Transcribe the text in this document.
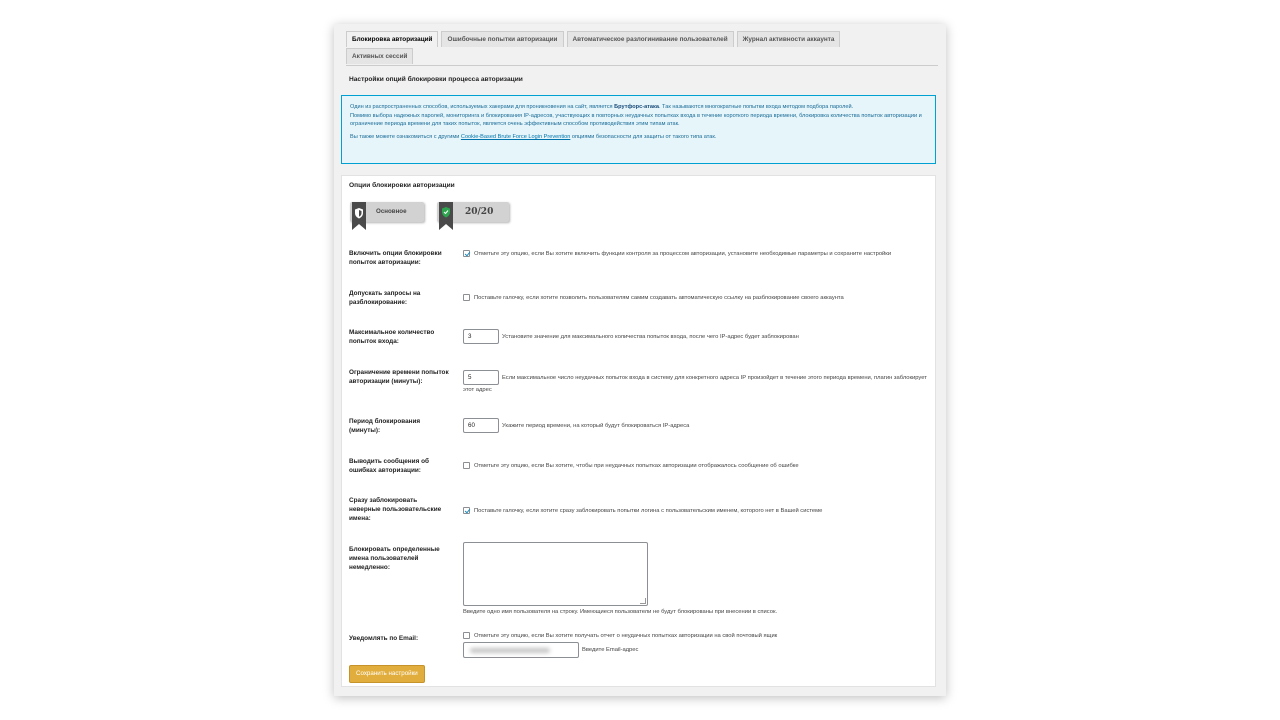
Блокировка авторизаций	Ошибочные попытки авторизации	Автоматическое разлогинивание пользователей	Журнал активности аккаунта
Активных сессий
Настройки опций блокировки процесса авторизации

Один из распространенных способов, используемых хакерами для проникновения на сайт, является Брутфорс-атака. Так называются многократные попытки входа методом подбора паролей.

Помимо выбора надежных паролей, мониторинга и блокирования IP-адресов, участвующих в повторных неудачных попытках входа в течение короткого периода времени, блокировка количества попыток авторизации и ограничение периода времени для таких попыток, является очень эффективным способом противодействия этим типам атак.

Вы также можете ознакомиться с другими Cookie-Based Brute Force Login Prevention опциями безопасности для защиты от такого типа атак.

Опции блокировки авторизации
Основное	20/20
Включить опции блокировки попыток авторизации:
Отметьте эту опцию, если Вы хотите включить функции контроля за процессом авторизации, установите необходимые параметры и сохраните настройки
Допускать запросы на разблокирование:
Поставьте галочку, если хотите позволить пользователям самим создавать автоматическую ссылку на разблокирование своего аккаунта
Максимальное количество попыток входа:
3	Установите значение для максимального количества попыток входа, после чего IP-адрес будет заблокирован
Ограничение времени попыток авторизации (минуты):
5	Если максимальное число неудачных попыток входа в систему для конкретного адреса IP произойдет в течение этого периода времени, плагин заблокирует этот адрес
Период блокирования (минуты):
60	Укажите период времени, на который будут блокироваться IP-адреса
Выводить сообщения об ошибках авторизации:
Отметьте эту опцию, если Вы хотите, чтобы при неудачных попытках авторизации отображалось сообщение об ошибке
Сразу заблокировать неверные пользовательские имена:
Поставьте галочку, если хотите сразу заблокировать попытки логина с пользовательским именем, которого нет в Вашей системе
Блокировать определенные имена пользователей немедленно:
Введите одно имя пользователя на строку. Имеющиеся пользователи не будут блокированы при внесении в список.
Уведомлять по Email:	Отметьте эту опцию, если Вы хотите получать отчет о неудачных попытках авторизации на свой почтовый ящик
Введите Email-адрес
Сохранить настройки
